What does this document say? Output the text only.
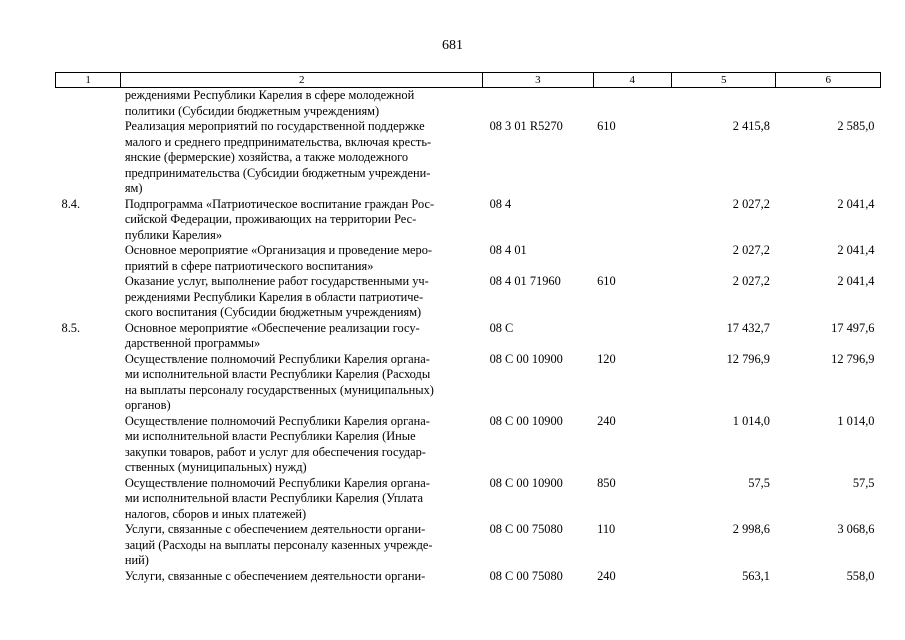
681
1	2	3	4	5	6

	реждениями Республики Карелия в сфере молодежной
политики (Субсидии бюджетным учреждениям)				

	Реализация мероприятий по государственной поддержке
малого и среднего предпринимательства, включая кресть-
янские (фермерские) хозяйства, а также молодежного
предпринимательства (Субсидии бюджетным учреждени-
ям)	08 3 01 R5270	610	2 415,8	2 585,0
8.4.	Подпрограмма «Патриотическое воспитание граждан Рос-
сийской Федерации, проживающих на территории Рес-
публики Карелия»	08 4		2 027,2	2 041,4

	Основное мероприятие «Организация и проведение меро-
приятий в сфере патриотического воспитания»	08 4 01		2 027,2	2 041,4

	Оказание услуг, выполнение работ государственными уч-
реждениями Республики Карелия в области патриотиче-
ского воспитания (Субсидии бюджетным учреждениям)	08 4 01 71960	610	2 027,2	2 041,4
8.5.	Основное мероприятие «Обеспечение реализации госу-
дарственной программы»	08 С		17 432,7	17 497,6

	Осуществление полномочий Республики Карелия органа-
ми исполнительной власти Республики Карелия (Расходы
на выплаты персоналу государственных (муниципальных)
органов)	08 С 00 10900	120	12 796,9	12 796,9

	Осуществление полномочий Республики Карелия органа-
ми исполнительной власти Республики Карелия (Иные
закупки товаров, работ и услуг для обеспечения государ-
ственных (муниципальных) нужд)	08 С 00 10900	240	1 014,0	1 014,0

	Осуществление полномочий Республики Карелия органа-
ми исполнительной власти Республики Карелия (Уплата
налогов, сборов и иных платежей)	08 С 00 10900	850	57,5	57,5

	Услуги, связанные с обеспечением деятельности органи-
заций (Расходы на выплаты персоналу казенных учрежде-
ний)	08 С 00 75080	110	2 998,6	3 068,6

	Услуги, связанные с обеспечением деятельности органи-	08 С 00 75080	240	563,1	558,0
